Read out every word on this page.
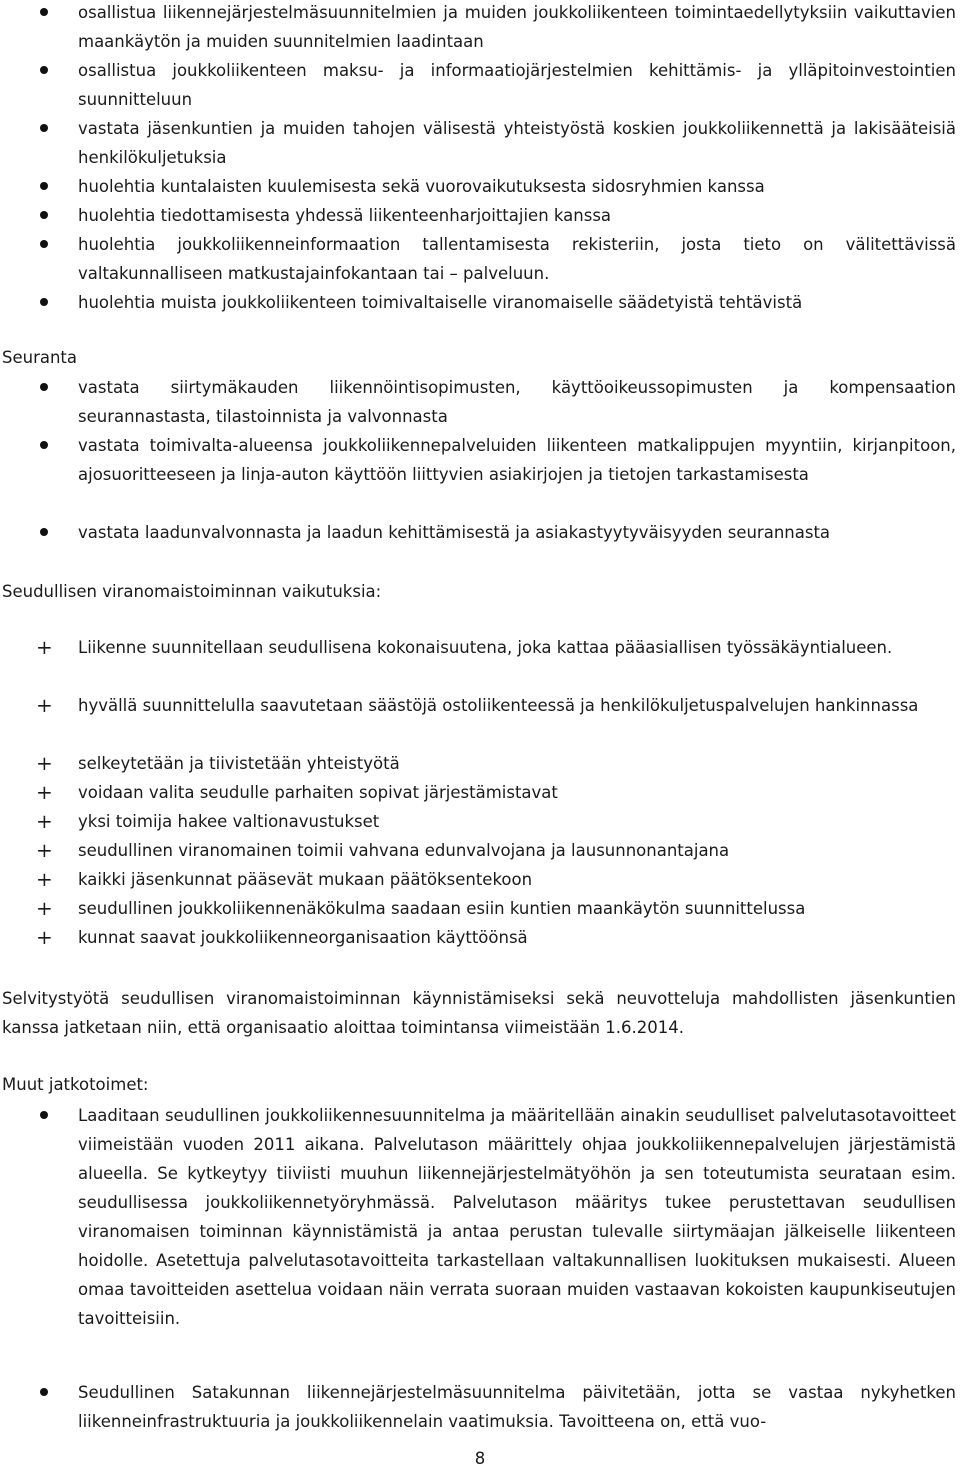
osallistua liikennejärjestelmäsuunnitelmien ja muiden joukkoliikenteen toimintaedellytyksiin vaikuttavien maankäytön ja muiden suunnitelmien laadintaan
osallistua joukkoliikenteen maksu- ja informaatiojärjestelmien kehittämis- ja ylläpitoinvestointien suunnitteluun
vastata jäsenkuntien ja muiden tahojen välisestä yhteistyöstä koskien joukkoliikennettä ja lakisääteisiä henkilökuljetuksia
huolehtia kuntalaisten kuulemisesta sekä vuorovaikutuksesta sidosryhmien kanssa
huolehtia tiedottamisesta yhdessä liikenteenharjoittajien kanssa
huolehtia joukkoliikenneinformaation tallentamisesta rekisteriin, josta tieto on välitettävissä valtakunnalliseen matkustajainfokantaan tai – palveluun.
huolehtia muista joukkoliikenteen toimivaltaiselle viranomaiselle säädetyistä tehtävistä
Seuranta
vastata siirtymäkauden liikennöintisopimusten, käyttöoikeussopimusten ja kompensaation seurannastasta, tilastoinnista ja valvonnasta
vastata toimivalta-alueensa joukkoliikennepalveluiden liikenteen matkalippujen myyntiin, kirjanpitoon, ajosuoritteeseen ja linja-auton käyttöön liittyvien asiakirjojen ja tietojen tarkastamisesta
vastata laadunvalvonnasta ja laadun kehittämisestä ja asiakastyytyväisyyden seurannasta
Seudullisen viranomaistoiminnan vaikutuksia:
+ Liikenne suunnitellaan seudullisena kokonaisuutena, joka kattaa pääasiallisen työssäkäyntialueen.
+ hyvällä suunnittelulla saavutetaan säästöjä ostoliikenteessä ja henkilökuljetuspalvelujen hankinnassa
+ selkeytetään ja tiivistetään yhteistyötä
+ voidaan valita seudulle parhaiten sopivat järjestämistavat
+ yksi toimija hakee valtionavustukset
+ seudullinen viranomainen toimii vahvana edunvalvojana ja lausunnonantajana
+ kaikki jäsenkunnat pääsevät mukaan päätöksentekoon
+ seudullinen joukkoliikennenäkökulma saadaan esiin kuntien maankäytön suunnittelussa
+ kunnat saavat joukkoliikenneorganisaation käyttöönsä

Selvitystyötä seudullisen viranomaistoiminnan käynnistämiseksi sekä neuvotteluja mahdollisten jäsenkuntien kanssa jatketaan niin, että organisaatio aloittaa toimintansa viimeistään 1.6.2014.

Muut jatkotoimet:
Laaditaan seudullinen joukkoliikennesuunnitelma ja määritellään ainakin seudulliset palvelutasotavoitteet viimeistään vuoden 2011 aikana. Palvelutason määrittely ohjaa joukkoliikennepalvelujen järjestämistä alueella. Se kytkeytyy tiiviisti muuhun liikennejärjestelmätyöhön ja sen toteutumista seurataan esim. seudullisessa joukkoliikennetyöryhmässä. Palvelutason määritys tukee perustettavan seudullisen viranomaisen toiminnan käynnistämistä ja antaa perustan tulevalle siirtymäajan jälkeiselle liikenteen hoidolle. Asetettuja palvelutasotavoitteita tarkastellaan valtakunnallisen luokituksen mukaisesti. Alueen omaa tavoitteiden asettelua voidaan näin verrata suoraan muiden vastaavan kokoisten kaupunkiseutujen tavoitteisiin.
Seudullinen Satakunnan liikennejärjestelmäsuunnitelma päivitetään, jotta se vastaa nykyhetken liikenneinfrastruktuuria ja joukkoliikennelain vaatimuksia. Tavoitteena on, että vuo-
8
